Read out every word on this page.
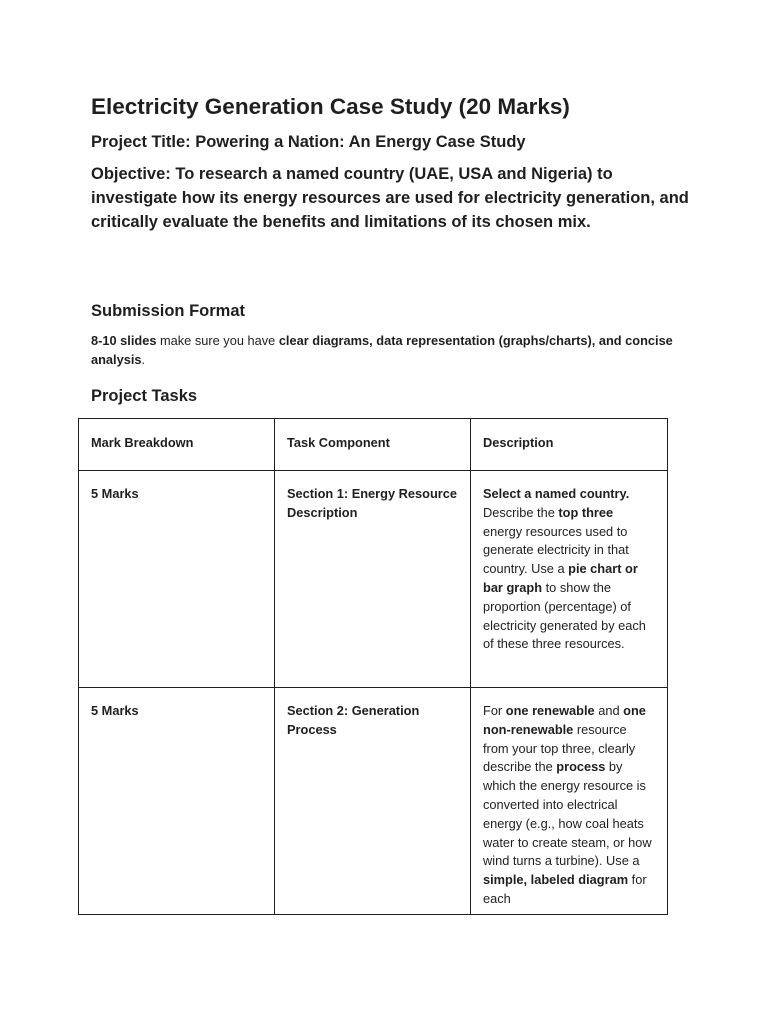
Electricity Generation Case Study (20 Marks)
Project Title: Powering a Nation: An Energy Case Study

Objective: To research a named country (UAE, USA and Nigeria) to investigate how its energy resources are used for electricity generation, and critically evaluate the benefits and limitations of its chosen mix.

Submission Format

8-10 slides make sure you have clear diagrams, data representation (graphs/charts), and concise analysis.

Project Tasks
Mark Breakdown	Task Component	Description
5 Marks	Section 1: Energy Resource Description	Select a named country. Describe the top three energy resources used to generate electricity in that country. Use a pie chart or bar graph to show the proportion (percentage) of electricity generated by each of these three resources.
5 Marks	Section 2: Generation Process	For one renewable and one non-renewable resource from your top three, clearly describe the process by which the energy resource is converted into electrical energy (e.g., how coal heats water to create steam, or how wind turns a turbine). Use a simple, labeled diagram for each
